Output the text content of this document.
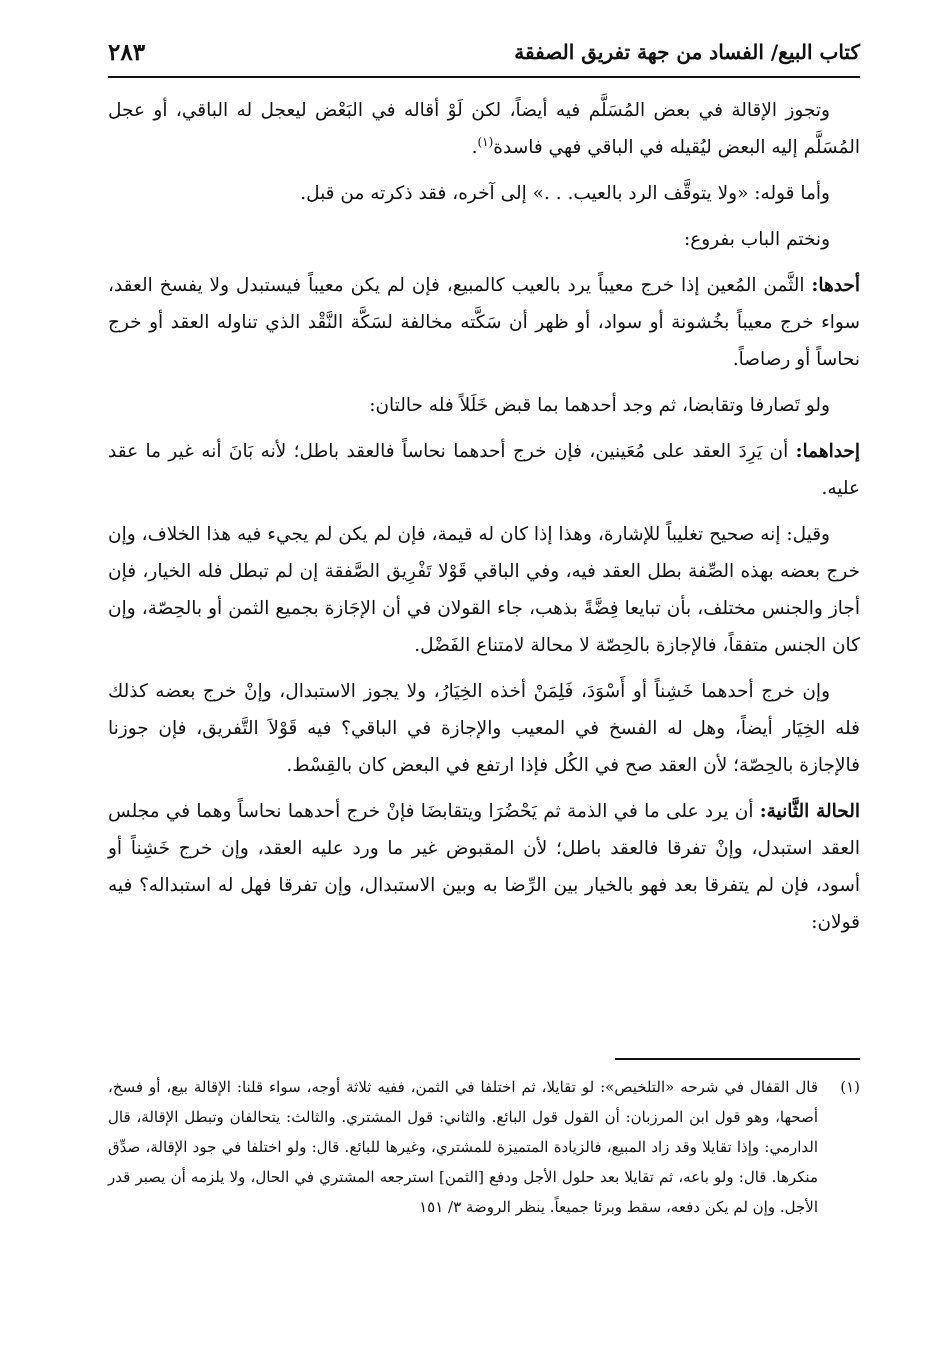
كتاب البيع/ الفساد من جهة تفريق الصفقة
٢٨٣

وتجوز الإقالة في بعض المُسَلَّم فيه أيضاً، لكن لَوْ أقاله في البَعْض ليعجل له الباقي، أو عجل المُسَلَّم إليه البعض ليُقيله في الباقي فهي فاسدة$^{(١)}$.

وأما قوله: «ولا يتوقَّف الرد بالعيب. . .» إلى آخره، فقد ذكرته من قبل.

ونختم الباب بفروع:

أحدها: الثَّمن المُعين إذا خرج معيباً يرد بالعيب كالمبيع، فإن لم يكن معيباً فيستبدل ولا يفسخ العقد، سواء خرج معيباً بخُشونة أو سواد، أو ظهر أن سَكَّته مخالفة لسَكَّة النَّقْد الذي تناوله العقد أو خرج نحاساً أو رصاصاً.

ولو تَصارفا وتقابضا، ثم وجد أحدهما بما قبض خَلَلاً فله حالتان:

إحداهما: أن يَرِدَ العقد على مُعَينين، فإن خرج أحدهما نحاساً فالعقد باطل؛ لأنه بَانَ أنه غير ما عقد عليه.

وقيل: إنه صحيح تغليباً للإشارة، وهذا إذا كان له قيمة، فإن لم يكن لم يجيء فيه هذا الخلاف، وإن خرج بعضه بهذه الصِّفة بطل العقد فيه، وفي الباقي قَوْلا تَفْرِيق الصَّفقة إن لم تبطل فله الخيار، فإن أجاز والجنس مختلف، بأن تبايعا فِضَّةً بذهب، جاء القولان في أن الإجَازة بجميع الثمن أو بالحِصّة، وإن كان الجنس متفقاً، فالإجازة بالحِصّة لا محالة لامتناع الفَضْل.

وإن خرج أحدهما خَشِناً أو أَسْوَدَ، فَلِمَنْ أخذه الخِيَارُ، ولا يجوز الاستبدال، وإنْ خرج بعضه كذلك فله الخِيَار أيضاً، وهل له الفسخ في المعيب والإجازة في الباقي؟ فيه قَوْلاَ التَّفريق، فإن جوزنا فالإجازة بالحِصّة؛ لأن العقد صح في الكُل فإذا ارتفع في البعض كان بالقِسْط.

الحالة الثَّانية: أن يرد على ما في الذمة ثم يَحْضُرَا ويتقابضَا فإنْ خرج أحدهما نحاساً وهما في مجلس العقد استبدل، وإنْ تفرقا فالعقد باطل؛ لأن المقبوض غير ما ورد عليه العقد، وإن خرج خَشِناً أو أسود، فإن لم يتفرقا بعد فهو بالخيار بين الرِّضا به وبين الاستبدال، وإن تفرقا فهل له استبداله؟ فيه قولان:

(١)
قال القفال في شرحه «التلخيص»: لو تقايلا، ثم اختلفا في الثمن، ففيه ثلاثة أوجه، سواء قلنا: الإقالة بيع، أو فسخ، أصحها، وهو قول ابن المرزبان: أن القول قول البائع. والثاني: قول المشتري. والثالث: يتحالفان وتبطل الإقالة، قال الدارمي: وإذا تقايلا وقد زاد المبيع، فالزيادة المتميزة للمشتري، وغيرها للبائع. قال: ولو اختلفا في جود الإقالة، صدِّق منكرها. قال: ولو باعه، ثم تقايلا بعد حلول الأجل ودفع [الثمن] استرجعه المشتري في الحال، ولا يلزمه أن يصبر قدر الأجل. وإن لم يكن دفعه، سقط وبرئا جميعاً. ينظر الروضة ٣/ ١٥١
